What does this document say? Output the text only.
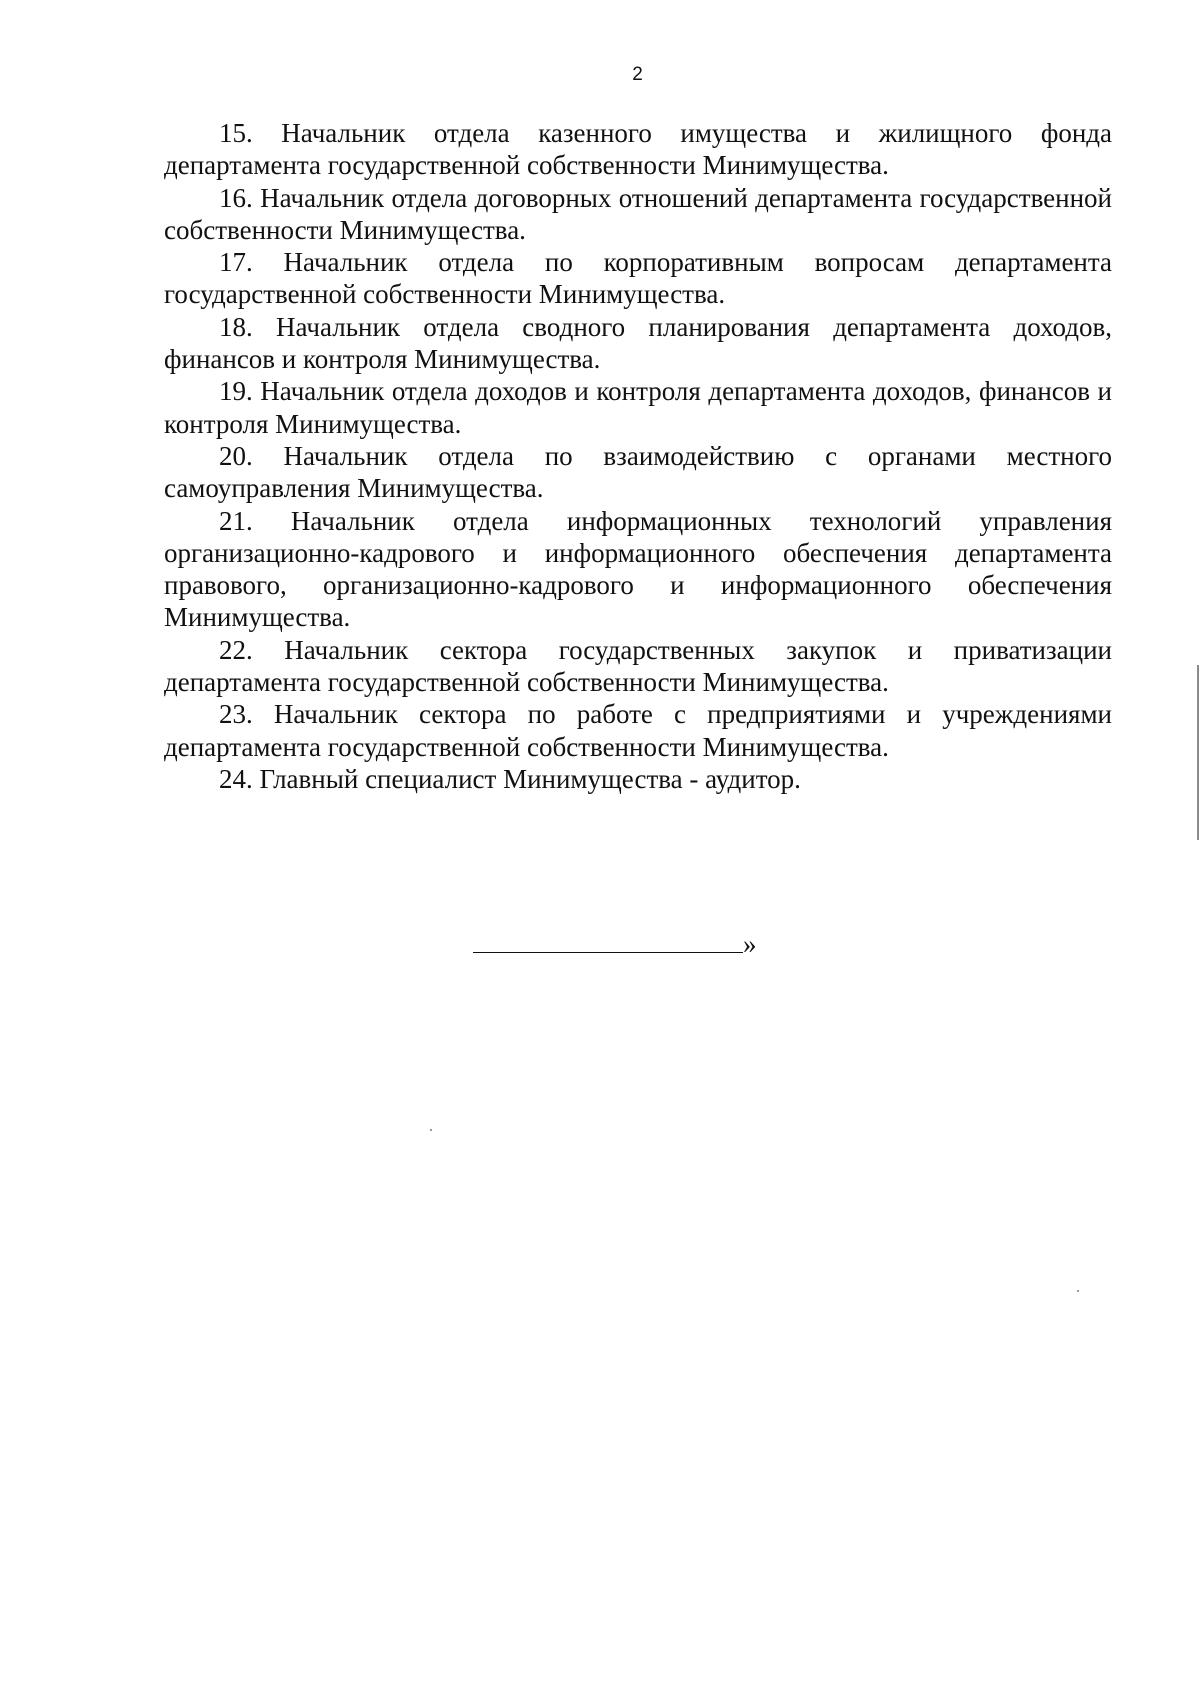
2

15. Начальник отдела казенного имущества и жилищного фонда департамента государственной собственности Минимущества.

16. Начальник отдела договорных отношений департамента государственной собственности Минимущества.

17. Начальник отдела по корпоративным вопросам департамента государственной собственности Минимущества.

18. Начальник отдела сводного планирования департамента доходов, финансов и контроля Минимущества.

19. Начальник отдела доходов и контроля департамента доходов, финансов и контроля Минимущества.

20. Начальник отдела по взаимодействию с органами местного самоуправления Минимущества.

21. Начальник отдела информационных технологий управления организационно-кадрового и информационного обеспечения департамента правового, организационно-кадрового и информационного обеспечения Минимущества.

22. Начальник сектора государственных закупок и приватизации департамента государственной собственности Минимущества.

23. Начальник сектора по работе с предприятиями и учреждениями департамента государственной собственности Минимущества.

24. Главный специалист Минимущества - аудитор.

»
